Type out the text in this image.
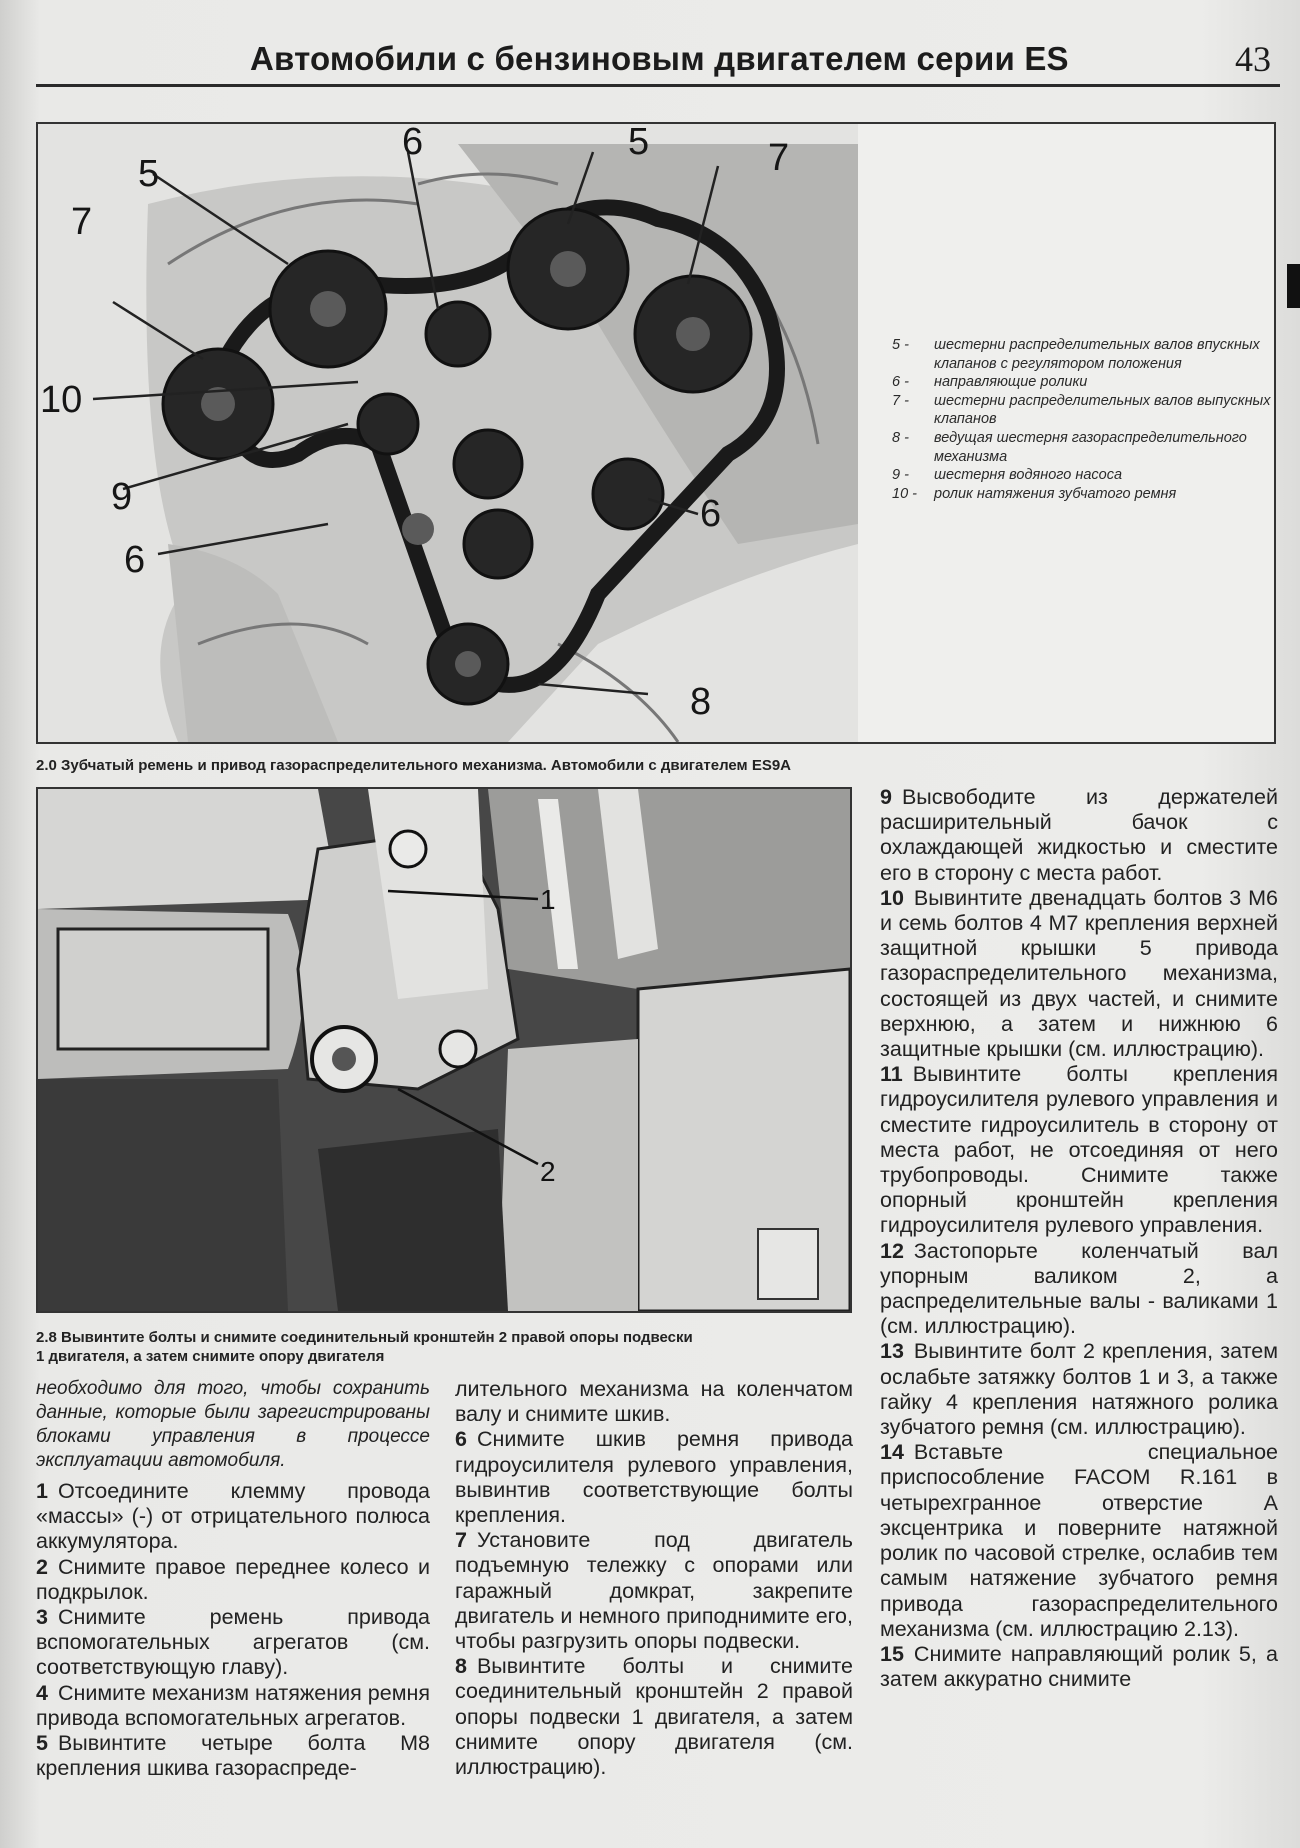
Автомобили с бензиновым двигателем серии ES	43
5
6	5	7
7
10
9	6
6
8
5 -	шестерни распределительных валов впускных клапанов с регулятором положения
6 -	направляющие ролики
7 -	шестерни распределительных валов выпускных клапанов
8 -	ведущая шестерня газораспределительного механизма
9 -	шестерня водяного насоса
10 -	ролик натяжения зубчатого ремня
2.0 Зубчатый ремень и привод газораспределительного механизма. Автомобили с двигателем ES9A
1
2
2.8 Вывинтите болты и снимите соединительный кронштейн 2 правой опоры подвески
1 двигателя, а затем снимите опору двигателя

необходимо для того, чтобы сохранить данные, которые были зарегистрированы блоками управления в процессе эксплуатации автомобиля.

1 Отсоедините клемму провода «массы» (-) от отрицательного полюса аккумулятора.

2 Снимите правое переднее колесо и подкрылок.

3 Снимите ремень привода вспомогательных агрегатов (см. соответствующую главу).

4 Снимите механизм натяжения ремня привода вспомогательных агрегатов.

5 Вывинтите четыре болта М8 крепления шкива газораспреде-

лительного механизма на коленчатом валу и снимите шкив.

6 Снимите шкив ремня привода гидроусилителя рулевого управления, вывинтив соответствующие болты крепления.

7 Установите под двигатель подъемную тележку с опорами или гаражный домкрат, закрепите двигатель и немного приподнимите его, чтобы разгрузить опоры подвески.

8 Вывинтите болты и снимите соединительный кронштейн 2 правой опоры подвески 1 двигателя, а затем снимите опору двигателя (см. иллюстрацию).

9 Высвободите из держателей расширительный бачок с охлаждающей жидкостью и сместите его в сторону с места работ.

10 Вывинтите двенадцать болтов 3 М6 и семь болтов 4 М7 крепления верхней защитной крышки 5 привода газораспределительного механизма, состоящей из двух частей, и снимите верхнюю, а затем и нижнюю 6 защитные крышки (см. иллюстрацию).

11 Вывинтите болты крепления гидроусилителя рулевого управления и сместите гидроусилитель в сторону от места работ, не отсоединяя от него трубопроводы. Снимите также опорный кронштейн крепления гидроусилителя рулевого управления.

12 Застопорьте коленчатый вал упорным валиком 2, а распределительные валы - валиками 1 (см. иллюстрацию).

13 Вывинтите болт 2 крепления, затем ослабьте затяжку болтов 1 и 3, а также гайку 4 крепления натяжного ролика зубчатого ремня (см. иллюстрацию).

14 Вставьте специальное приспособление FACOM R.161 в четырехгранное отверстие А эксцентрика и поверните натяжной ролик по часовой стрелке, ослабив тем самым натяжение зубчатого ремня привода газораспределительного механизма (см. иллюстрацию 2.13).

15 Снимите направляющий ролик 5, а затем аккуратно снимите
